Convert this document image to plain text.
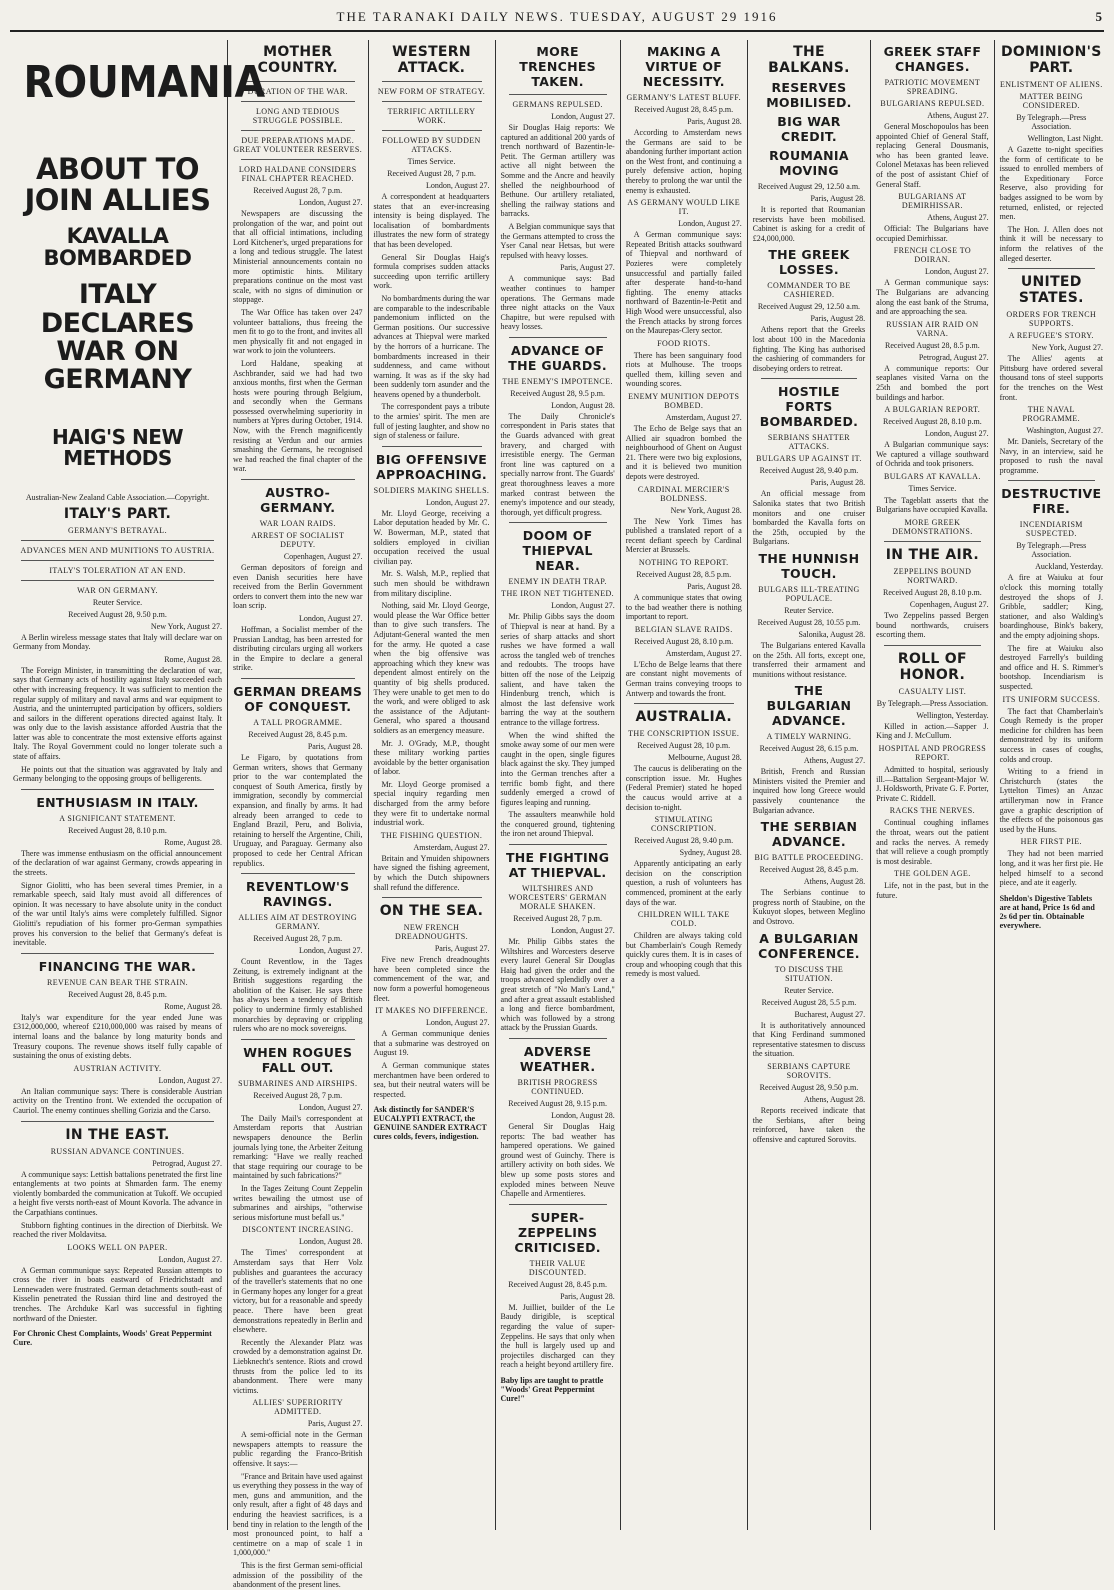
THE TARANAKI DAILY NEWS. TUESDAY, AUGUST 29 1916	5
ROUMANIA
ABOUT TO JOIN ALLIES
KAVALLA BOMBARDED
ITALY DECLARES WAR ON GERMANY
HAIG'S NEW METHODS
Australian-New Zealand Cable Association.—Copyright.
ITALY'S PART.
GERMANY'S BETRAYAL.
ADVANCES MEN AND MUNITIONS TO AUSTRIA.
ITALY'S TOLERATION AT AN END.
WAR ON GERMANY.
Reuter Service.
Received August 28, 9.50 p.m.
New York, August 27.

A Berlin wireless message states that Italy will declare war on Germany from Monday.

Rome, August 28.

The Foreign Minister, in transmitting the declaration of war, says that Germany acts of hostility against Italy succeeded each other with increasing frequency. It was sufficient to mention the regular supply of military and naval arms and war equipment to Austria, and the uninterrupted participation by officers, soldiers and sailors in the different operations directed against Italy. It was only due to the lavish assistance afforded Austria that the latter was able to concentrate the most extensive efforts against Italy. The Royal Government could no longer tolerate such a state of affairs.

He points out that the situation was aggravated by Italy and Germany belonging to the opposing groups of belligerents.

ENTHUSIASM IN ITALY.
A SIGNIFICANT STATEMENT.
Received August 28, 8.10 p.m.
Rome, August 28.

There was immense enthusiasm on the official announcement of the declaration of war against Germany, crowds appearing in the streets.

Signor Giolitti, who has been several times Premier, in a remarkable speech, said Italy must avoid all differences of opinion. It was necessary to have absolute unity in the conduct of the war until Italy's aims were completely fulfilled. Signor Giolitti's repudiation of his former pro-German sympathies proves his conversion to the belief that Germany's defeat is inevitable.

FINANCING THE WAR.
REVENUE CAN BEAR THE STRAIN.
Received August 28, 8.45 p.m.
Rome, August 28.

Italy's war expenditure for the year ended June was £312,000,000, whereof £210,000,000 was raised by means of internal loans and the balance by long maturity bonds and Treasury coupons. The revenue shows itself fully capable of sustaining the onus of existing debts.

AUSTRIAN ACTIVITY.
London, August 27.

An Italian communique says: There is considerable Austrian activity on the Trentino front. We extended the occupation of Cauriol. The enemy continues shelling Gorizia and the Carso.

IN THE EAST.
RUSSIAN ADVANCE CONTINUES.
Petrograd, August 27.

A communique says: Lettish battalions penetrated the first line entanglements at two points at Shmarden farm. The enemy violently bombarded the communication at Tukoff. We occupied a height five versts north-east of Mount Kovorla. The advance in the Carpathians continues.

Stubborn fighting continues in the direction of Dierbitsk. We reached the river Moldavitsa.

LOOKS WELL ON PAPER.
London, August 27.

A German communique says: Repeated Russian attempts to cross the river in boats eastward of Friedrichstadt and Lennewaden were frustrated. German detachments south-east of Kisselin penetrated the Russian third line and destroyed the trenches. The Archduke Karl was successful in fighting northward of the Dniester.

For Chronic Chest Complaints, Woods' Great Peppermint Cure.
MOTHER COUNTRY.
DURATION OF THE WAR.
LONG AND TEDIOUS STRUGGLE POSSIBLE.
DUE PREPARATIONS MADE. GREAT VOLUNTEER RESERVES.
LORD HALDANE CONSIDERS FINAL CHAPTER REACHED.
Received August 28, 7 p.m.
London, August 27.

Newspapers are discussing the prolongation of the war, and point out that all official intimations, including Lord Kitchener's, urged preparations for a long and tedious struggle. The latest Ministerial announcements contain no more optimistic hints. Military preparations continue on the most vast scale, with no signs of diminution or stoppage.

The War Office has taken over 247 volunteer battalions, thus freeing the men fit to go to the front, and invites all men physically fit and not engaged in war work to join the volunteers.

Lord Haldane, speaking at Aschbrander, said we had had two anxious months, first when the German hosts were pouring through Belgium, and secondly when the Germans possessed overwhelming superiority in numbers at Ypres during October, 1914. Now, with the French magnificently resisting at Verdun and our armies smashing the Germans, he recognised we had reached the final chapter of the war.

AUSTRO-GERMANY.
WAR LOAN RAIDS.
ARREST OF SOCIALIST DEPUTY.
Copenhagen, August 27.

German depositors of foreign and even Danish securities here have received from the Berlin Government orders to convert them into the new war loan scrip.

London, August 27.

Hoffman, a Socialist member of the Prussian Landtag, has been arrested for distributing circulars urging all workers in the Empire to declare a general strike.

GERMAN DREAMS OF CONQUEST.
A TALL PROGRAMME.
Received August 28, 8.45 p.m.
Paris, August 28.

Le Figaro, by quotations from German writers, shows that Germany prior to the war contemplated the conquest of South America, firstly by immigration, secondly by commercial expansion, and finally by arms. It had already been arranged to cede to England Brazil, Peru, and Bolivia, retaining to herself the Argentine, Chili, Uruguay, and Paraguay. Germany also proposed to cede her Central African republics.

REVENTLOW'S RAVINGS.
ALLIES AIM AT DESTROYING GERMANY.
Received August 28, 7 p.m.
London, August 27.

Count Reventlow, in the Tages Zeitung, is extremely indignant at the British suggestions regarding the abolition of the Kaiser. He says there has always been a tendency of British policy to undermine firmly established monarchies by depraving or crippling rulers who are no mock sovereigns.

WHEN ROGUES FALL OUT.
SUBMARINES AND AIRSHIPS.
Received August 28, 7 p.m.
London, August 27.

The Daily Mail's correspondent at Amsterdam reports that Austrian newspapers denounce the Berlin journals lying tone, the Arbeiter Zeitung remarking: "Have we really reached that stage requiring our courage to be maintained by such fabrications?"

In the Tages Zeitung Count Zeppelin writes bewailing the utmost use of submarines and airships, "otherwise serious misfortune must befall us."

DISCONTENT INCREASING.
London, August 28.

The Times' correspondent at Amsterdam says that Herr Volz publishes and guarantees the accuracy of the traveller's statements that no one in Germany hopes any longer for a great victory, but for a reasonable and speedy peace. There have been great demonstrations repeatedly in Berlin and elsewhere.

Recently the Alexander Platz was crowded by a demonstration against Dr. Liebknecht's sentence. Riots and crowd thrusts from the police led to its abandonment. There were many victims.

ALLIES' SUPERIORITY ADMITTED.
Paris, August 27.

A semi-official note in the German newspapers attempts to reassure the public regarding the Franco-British offensive. It says:—

"France and Britain have used against us everything they possess in the way of men, guns and ammunition, and the only result, after a fight of 48 days and enduring the heaviest sacrifices, is a bend tiny in relation to the length of the most pronounced point, to half a centimetre on a map of scale 1 in 1,000,000."

This is the first German semi-official admission of the possibility of the abandonment of the present lines.

WESTERN ATTACK.
NEW FORM OF STRATEGY.
TERRIFIC ARTILLERY WORK.
FOLLOWED BY SUDDEN ATTACKS.
Times Service.
Received August 28, 7 p.m.
London, August 27.

A correspondent at headquarters states that an ever-increasing intensity is being displayed. The localisation of bombardments illustrates the new form of strategy that has been developed.

General Sir Douglas Haig's formula comprises sudden attacks succeeding upon terrific artillery work.

No bombardments during the war are comparable to the indescribable pandemonium inflicted on the German positions. Our successive advances at Thiepval were marked by the horrors of a hurricane. The bombardments increased in their suddenness, and came without warning. It was as if the sky had been suddenly torn asunder and the heavens opened by a thunderbolt.

The correspondent pays a tribute to the armies' spirit. The men are full of jesting laughter, and show no sign of staleness or failure.

BIG OFFENSIVE APPROACHING.
SOLDIERS MAKING SHELLS.
London, August 27.

Mr. Lloyd George, receiving a Labor deputation headed by Mr. C. W. Bowerman, M.P., stated that soldiers employed in civilian occupation received the usual civilian pay.

Mr. S. Walsh, M.P., replied that such men should be withdrawn from military discipline.

Nothing, said Mr. Lloyd George, would please the War Office better than to give such transfers. The Adjutant-General wanted the men for the army. He quoted a case when the big offensive was approaching which they knew was dependent almost entirely on the quantity of big shells produced. They were unable to get men to do the work, and were obliged to ask the assistance of the Adjutant-General, who spared a thousand soldiers as an emergency measure.

Mr. J. O'Grady, M.P., thought these military working parties avoidable by the better organisation of labor.

Mr. Lloyd George promised a special inquiry regarding men discharged from the army before they were fit to undertake normal industrial work.

THE FISHING QUESTION.
Amsterdam, August 27.

Britain and Ymuiden shipowners have signed the fishing agreement, by which the Dutch shipowners shall refund the difference.

ON THE SEA.
NEW FRENCH DREADNOUGHTS.
Paris, August 27.

Five new French dreadnoughts have been completed since the commencement of the war, and now form a powerful homogeneous fleet.

IT MAKES NO DIFFERENCE.
London, August 27.

A German communique denies that a submarine was destroyed on August 19.

A German communique states merchantmen have been ordered to sea, but their neutral waters will be respected.

Ask distinctly for SANDER'S EUCALYPTI EXTRACT, the GENUINE SANDER EXTRACT cures colds, fevers, indigestion.
MORE TRENCHES TAKEN.
GERMANS REPULSED.
London, August 27.

Sir Douglas Haig reports: We captured an additional 200 yards of trench northward of Bazentin-le-Petit. The German artillery was active all night between the Somme and the Ancre and heavily shelled the neighbourhood of Bethune. Our artillery retaliated, shelling the railway stations and barracks.

A Belgian communique says that the Germans attempted to cross the Yser Canal near Hetsas, but were repulsed with heavy losses.

Paris, August 27.

A communique says: Bad weather continues to hamper operations. The Germans made three night attacks on the Vaux Chapitre, but were repulsed with heavy losses.

ADVANCE OF THE GUARDS.
THE ENEMY'S IMPOTENCE.
Received August 28, 9.5 p.m.
London, August 28.

The Daily Chronicle's correspondent in Paris states that the Guards advanced with great bravery, and charged with irresistible energy. The German front line was captured on a specially narrow front. The Guards' great thoroughness leaves a more marked contrast between the enemy's impotence and our steady, thorough, yet difficult progress.

DOOM OF THIEPVAL NEAR.
ENEMY IN DEATH TRAP.
THE IRON NET TIGHTENED.
London, August 27.

Mr. Philip Gibbs says the doom of Thiepval is near at hand. By a series of sharp attacks and short rushes we have formed a wall across the tangled web of trenches and redoubts. The troops have bitten off the nose of the Leipzig salient, and have taken the Hindenburg trench, which is almost the last defensive work barring the way at the southern entrance to the village fortress.

When the wind shifted the smoke away some of our men were caught in the open, single figures black against the sky. They jumped into the German trenches after a terrific bomb fight, and there suddenly emerged a crowd of figures leaping and running.

The assaulters meanwhile hold the conquered ground, tightening the iron net around Thiepval.

THE FIGHTING AT THIEPVAL.
WILTSHIRES AND WORCESTERS' GERMAN MORALE SHAKEN.
Received August 28, 7 p.m.
London, August 27.

Mr. Philip Gibbs states the Wiltshires and Worcesters deserve every laurel General Sir Douglas Haig had given the order and the troops advanced splendidly over a great stretch of "No Man's Land," and after a great assault established a long and fierce bombardment, which was followed by a strong attack by the Prussian Guards.

ADVERSE WEATHER.
BRITISH PROGRESS CONTINUED.
Received August 28, 9.15 p.m.
London, August 28.

General Sir Douglas Haig reports: The bad weather has hampered operations. We gained ground west of Guinchy. There is artillery activity on both sides. We blew up some posts stores and exploded mines between Neuve Chapelle and Armentieres.

SUPER-ZEPPELINS CRITICISED.
THEIR VALUE DISCOUNTED.
Received August 28, 8.45 p.m.
Paris, August 28.

M. Juilliet, builder of the Le Baudy dirigible, is sceptical regarding the value of super-Zeppelins. He says that only when the hull is largely used up and projectiles discharged can they reach a height beyond artillery fire.

Baby lips are taught to prattle "Woods' Great Peppermint Cure!"
MAKING A VIRTUE OF NECESSITY.
GERMANY'S LATEST BLUFF.
Received August 28, 8.45 p.m.
Paris, August 28.

According to Amsterdam news the Germans are said to be abandoning further important action on the West front, and continuing a purely defensive action, hoping thereby to prolong the war until the enemy is exhausted.

AS GERMANY WOULD LIKE IT.
London, August 27.

A German communique says: Repeated British attacks southward of Thiepval and northward of Pozieres were completely unsuccessful and partially failed after desperate hand-to-hand fighting. The enemy attacks northward of Bazentin-le-Petit and High Wood were unsuccessful, also the French attacks by strong forces on the Maurepas-Clery sector.

FOOD RIOTS.

There has been sanguinary food riots at Mulhouse. The troops quelled them, killing seven and wounding scores.

ENEMY MUNITION DEPOTS BOMBED.
Amsterdam, August 27.

The Echo de Belge says that an Allied air squadron bombed the neighbourhood of Ghent on August 21. There were two big explosions, and it is believed two munition depots were destroyed.

CARDINAL MERCIER'S BOLDNESS.
New York, August 28.

The New York Times has published a translated report of a recent defiant speech by Cardinal Mercier at Brussels.

NOTHING TO REPORT.
Received August 28, 8.5 p.m.
Paris, August 28.

A communique states that owing to the bad weather there is nothing important to report.

BELGIAN SLAVE RAIDS.
Received August 28, 8.10 p.m.
Amsterdam, August 27.

L'Echo de Belge learns that there are constant night movements of German trains conveying troops to Antwerp and towards the front.

AUSTRALIA.
THE CONSCRIPTION ISSUE.
Received August 28, 10 p.m.
Melbourne, August 28.

The caucus is deliberating on the conscription issue. Mr. Hughes (Federal Premier) stated he hoped the caucus would arrive at a decision to-night.

STIMULATING CONSCRIPTION.
Received August 28, 9.40 p.m.
Sydney, August 28.

Apparently anticipating an early decision on the conscription question, a rush of volunteers has commenced, prominent at the early days of the war.

CHILDREN WILL TAKE COLD.

Children are always taking cold but Chamberlain's Cough Remedy quickly cures them. It is in cases of croup and whooping cough that this remedy is most valued.

THE BALKANS.
RESERVES MOBILISED.
BIG WAR CREDIT.
ROUMANIA MOVING
Received August 29, 12.50 a.m.
Paris, August 28.

It is reported that Roumanian reservists have been mobilised. Cabinet is asking for a credit of £24,000,000.

THE GREEK LOSSES.
COMMANDER TO BE CASHIERED.
Received August 29, 12.50 a.m.
Paris, August 28.

Athens report that the Greeks lost about 100 in the Macedonia fighting. The King has authorised the cashiering of commanders for disobeying orders to retreat.

HOSTILE FORTS BOMBARDED.
SERBIANS SHATTER ATTACKS.
BULGARS UP AGAINST IT.
Received August 28, 9.40 p.m.
Paris, August 28.

An official message from Salonika states that two British monitors and one cruiser bombarded the Kavalla forts on the 25th, occupied by the Bulgarians.

THE HUNNISH TOUCH.
BULGARS ILL-TREATING POPULACE.
Reuter Service.
Received August 28, 10.55 p.m.
Salonika, August 28.

The Bulgarians entered Kavalla on the 25th. All forts, except one, transferred their armament and munitions without resistance.

THE BULGARIAN ADVANCE.
A TIMELY WARNING.
Received August 28, 6.15 p.m.
Athens, August 27.

British, French and Russian Ministers visited the Premier and inquired how long Greece would passively countenance the Bulgarian advance.

THE SERBIAN ADVANCE.
BIG BATTLE PROCEEDING.
Received August 28, 8.45 p.m.
Athens, August 28.

The Serbians continue to progress north of Staubine, on the Kukuyot slopes, between Meglino and Ostrovo.

A BULGARIAN CONFERENCE.
TO DISCUSS THE SITUATION.
Reuter Service.
Received August 28, 5.5 p.m.
Bucharest, August 27.

It is authoritatively announced that King Ferdinand summoned representative statesmen to discuss the situation.

SERBIANS CAPTURE SOROVITS.
Received August 28, 9.50 p.m.
Athens, August 28.

Reports received indicate that the Serbians, after being reinforced, have taken the offensive and captured Sorovits.

GREEK STAFF CHANGES.
PATRIOTIC MOVEMENT SPREADING.
BULGARIANS REPULSED.
Athens, August 27.

General Moschopoulos has been appointed Chief of General Staff, replacing General Dousmanis, who has been granted leave. Colonel Metaxas has been relieved of the post of assistant Chief of General Staff.

BULGARIANS AT DEMIRHISSAR.
Athens, August 27.

Official: The Bulgarians have occupied Demirhissar.

FRENCH CLOSE TO DOIRAN.
London, August 27.

A German communique says: The Bulgarians are advancing along the east bank of the Struma, and are approaching the sea.

RUSSIAN AIR RAID ON VARNA.
Received August 28, 8.5 p.m.
Petrograd, August 27.

A communique reports: Our seaplanes visited Varna on the 25th and bombed the port buildings and harbor.

A BULGARIAN REPORT.
Received August 28, 8.10 p.m.
London, August 27.

A Bulgarian communique says: We captured a village southward of Ochrida and took prisoners.

BULGARS AT KAVALLA.
Times Service.

The Tageblatt asserts that the Bulgarians have occupied Kavalla.

MORE GREEK DEMONSTRATIONS.
IN THE AIR.
ZEPPELINS BOUND NORTWARD.
Received August 28, 8.10 p.m.
Copenhagen, August 27.

Two Zeppelins passed Bergen bound northwards, cruisers escorting them.

ROLL OF HONOR.
CASUALTY LIST.
By Telegraph.—Press Association.
Wellington, Yesterday.

Killed in action.—Sapper J. King and J. McCullum.

HOSPITAL AND PROGRESS REPORT.

Admitted to hospital, seriously ill.—Battalion Sergeant-Major W. J. Holdsworth, Private G. F. Porter, Private C. Riddell.

RACKS THE NERVES.

Continual coughing inflames the throat, wears out the patient and racks the nerves. A remedy that will relieve a cough promptly is most desirable.

THE GOLDEN AGE.

Life, not in the past, but in the future.

DOMINION'S PART.
ENLISTMENT OF ALIENS.
MATTER BEING CONSIDERED.
By Telegraph.—Press Association.
Wellington, Last Night.

A Gazette to-night specifies the form of certificate to be issued to enrolled members of the Expeditionary Force Reserve, also providing for badges assigned to be worn by returned, enlisted, or rejected men.

The Hon. J. Allen does not think it will be necessary to inform the relatives of the alleged deserter.

UNITED STATES.
ORDERS FOR TRENCH SUPPORTS.
A REFUGEE'S STORY.
New York, August 27.

The Allies' agents at Pittsburg have ordered several thousand tons of steel supports for the trenches on the West front.

THE NAVAL PROGRAMME.
Washington, August 27.

Mr. Daniels, Secretary of the Navy, in an interview, said he proposed to rush the naval programme.

DESTRUCTIVE FIRE.
INCENDIARISM SUSPECTED.
By Telegraph.—Press Association.
Auckland, Yesterday.

A fire at Waiuku at four o'clock this morning totally destroyed the shops of J. Gribble, saddler; King, stationer, and also Walding's boardinghouse, Bink's bakery, and the empty adjoining shops.

The fire at Waiuku also destroyed Farrelly's building and office and H. S. Rimmer's bootshop. Incendiarism is suspected.

ITS UNIFORM SUCCESS.

The fact that Chamberlain's Cough Remedy is the proper medicine for children has been demonstrated by its uniform success in cases of coughs, colds and croup.

Writing to a friend in Christchurch (states the Lyttelton Times) an Anzac artilleryman now in France gave a graphic description of the effects of the poisonous gas used by the Huns.

HER FIRST PIE.

They had not been married long, and it was her first pie. He helped himself to a second piece, and ate it eagerly.

Sheldon's Digestive Tablets are at hand, Price 1s 6d and 2s 6d per tin. Obtainable everywhere.
